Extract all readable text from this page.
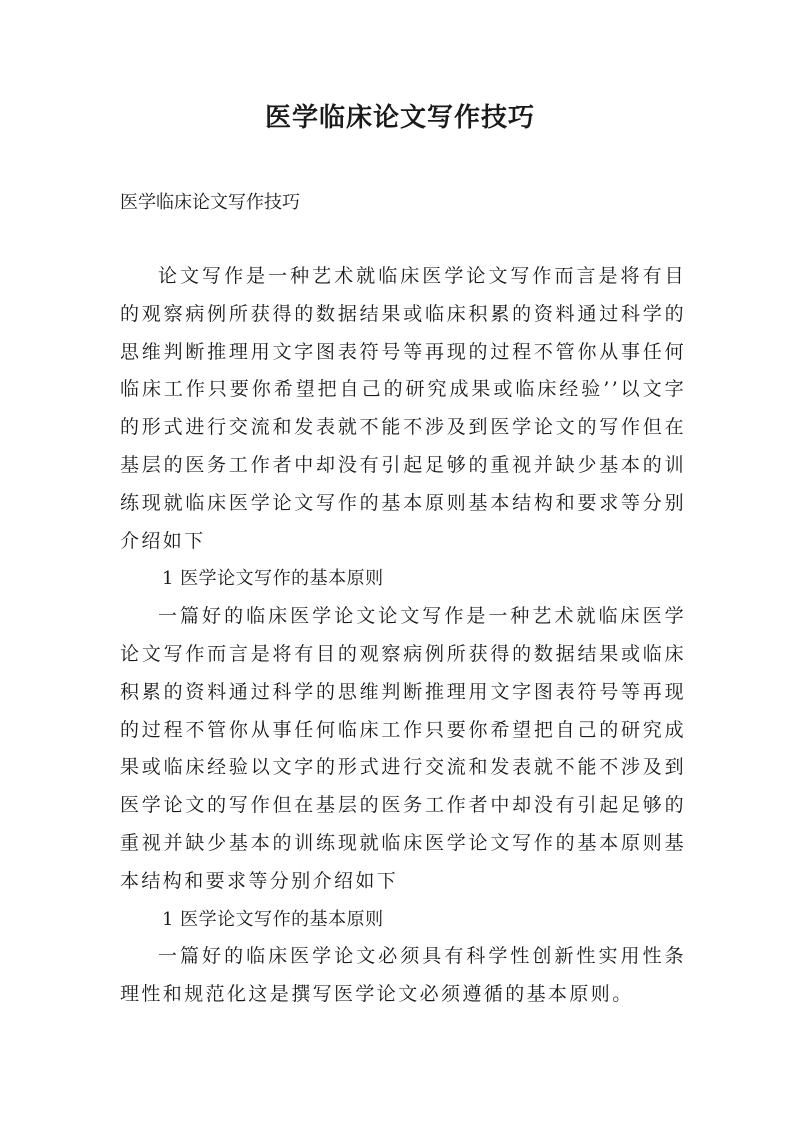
医学临床论文写作技巧
医学临床论文写作技巧

论文写作是一种艺术就临床医学论文写作而言是将有目的观察病例所获得的数据结果或临床积累的资料通过科学的思维判断推理用文字图表符号等再现的过程不管你从事任何临床工作只要你希望把自己的研究成果或临床经验’’以文字的形式进行交流和发表就不能不涉及到医学论文的写作但在基层的医务工作者中却没有引起足够的重视并缺少基本的训练现就临床医学论文写作的基本原则基本结构和要求等分别介绍如下

1 医学论文写作的基本原则

一篇好的临床医学论文论文写作是一种艺术就临床医学论文写作而言是将有目的观察病例所获得的数据结果或临床积累的资料通过科学的思维判断推理用文字图表符号等再现的过程不管你从事任何临床工作只要你希望把自己的研究成果或临床经验以文字的形式进行交流和发表就不能不涉及到医学论文的写作但在基层的医务工作者中却没有引起足够的重视并缺少基本的训练现就临床医学论文写作的基本原则基本结构和要求等分别介绍如下

1 医学论文写作的基本原则

一篇好的临床医学论文必须具有科学性创新性实用性条理性和规范化这是撰写医学论文必须遵循的基本原则。
